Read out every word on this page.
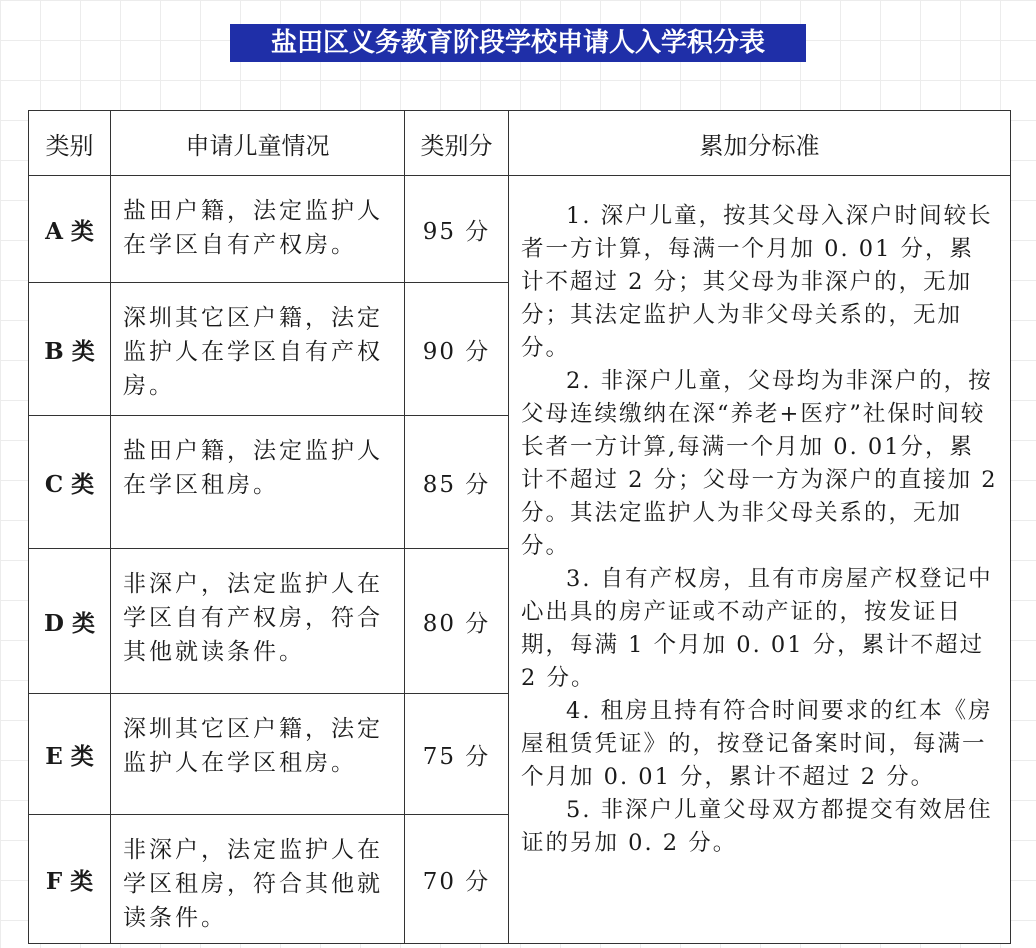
盐田区义务教育阶段学校申请人入学积分表
类别	申请儿童情况	类别分	累加分标准
A 类	盐田户籍，法定监护人在学区自有产权房。	95 分	1. 深户儿童，按其父母入深户时间较长者一方计算，每满一个月加 0. 01 分，累计不超过 2 分；其父母为非深户的，无加分；其法定监护人为非父母关系的，无加分。

2. 非深户儿童，父母均为非深户的，按父母连续缴纳在深“养老+医疗”社保时间较长者一方计算,每满一个月加 0. 01分，累计不超过 2 分；父母一方为深户的直接加 2 分。其法定监护人为非父母关系的，无加分。

3. 自有产权房，且有市房屋产权登记中心出具的房产证或不动产证的，按发证日期，每满 1 个月加 0. 01 分，累计不超过 2 分。

4. 租房且持有符合时间要求的红本《房屋租赁凭证》的，按登记备案时间，每满一个月加 0. 01 分，累计不超过 2 分。

5. 非深户儿童父母双方都提交有效居住证的另加 0. 2 分。

B 类	深圳其它区户籍，法定监护人在学区自有产权房。	90 分	
C 类	盐田户籍，法定监护人在学区租房。	85 分	
D 类	非深户，法定监护人在学区自有产权房，符合其他就读条件。	80 分	
E 类	深圳其它区户籍，法定监护人在学区租房。	75 分	
F 类	非深户，法定监护人在学区租房，符合其他就读条件。	70 分	
